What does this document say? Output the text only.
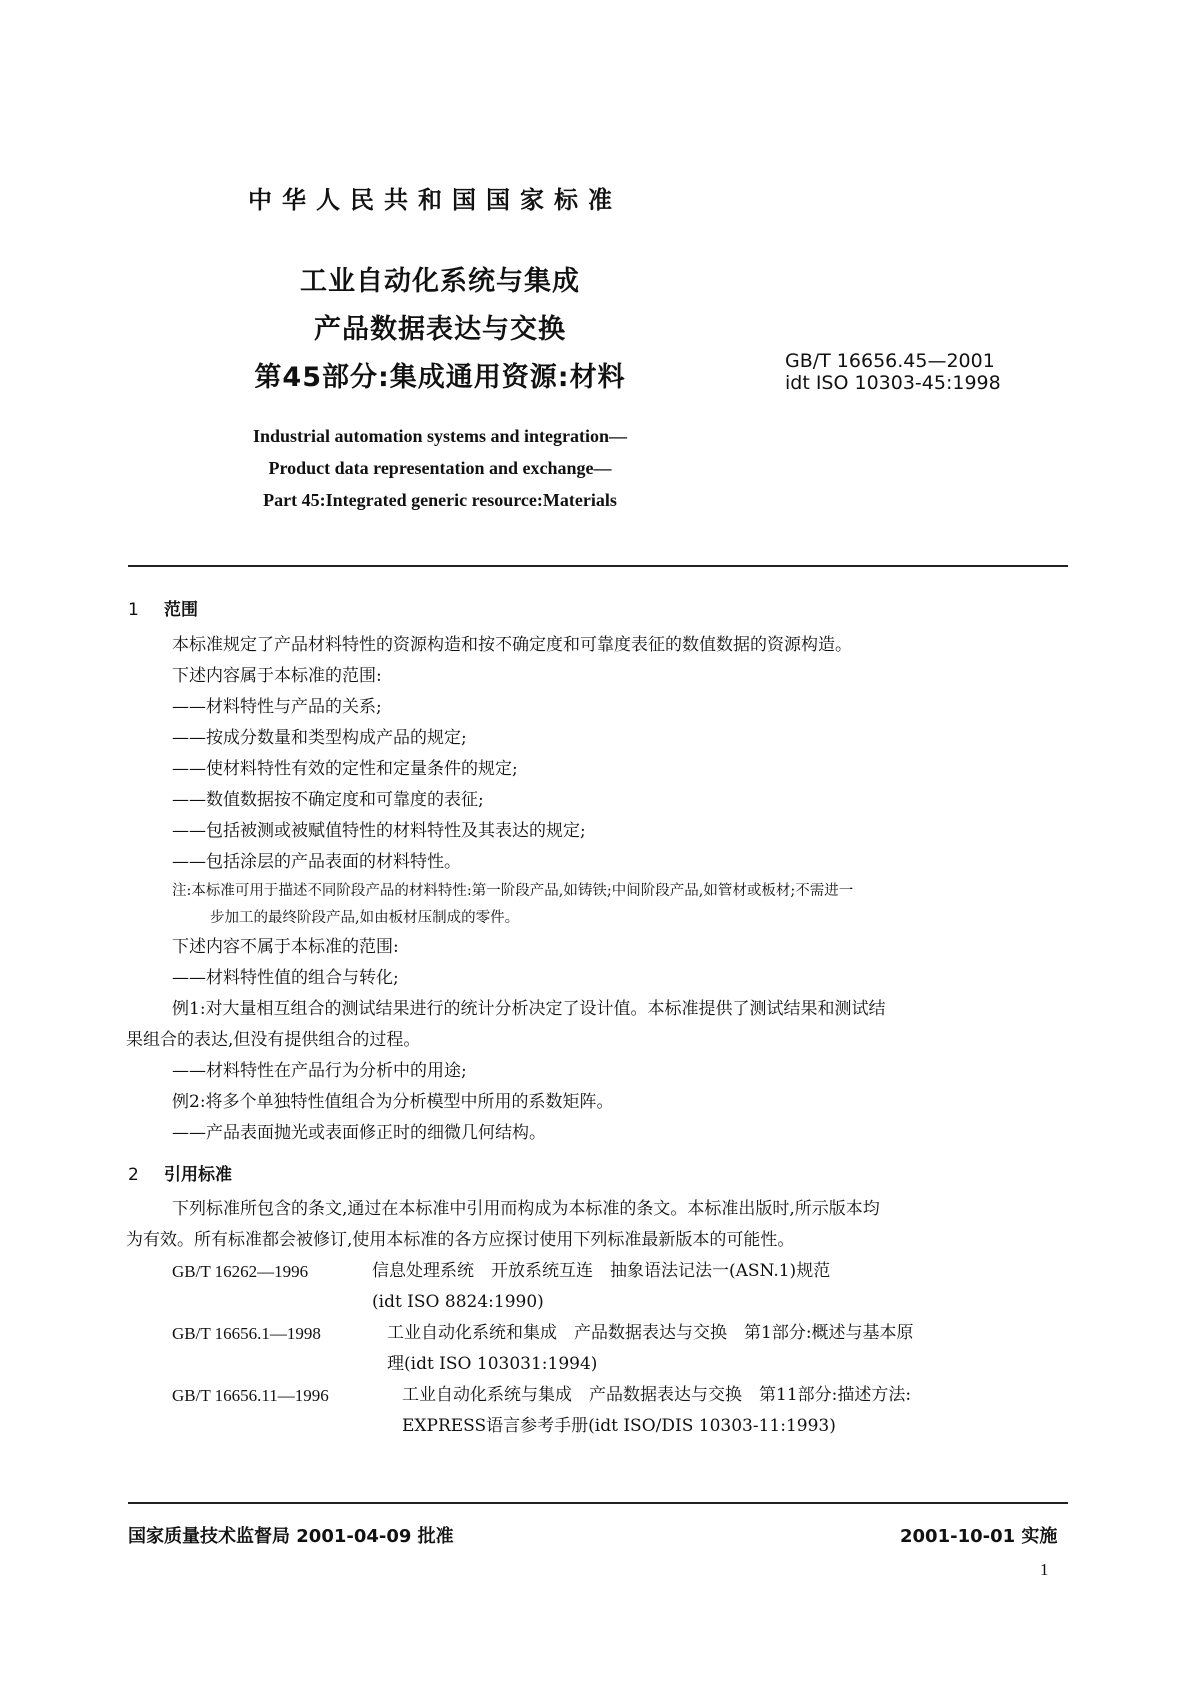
中华人民共和国国家标准
工业自动化系统与集成
产品数据表达与交换
第45部分:集成通用资源:材料
GB/T 16656.45—2001
idt ISO 10303-45:1998
Industrial automation systems and integration—
Product data representation and exchange—
Part 45:Integrated generic resource:Materials
1 范围

本标准规定了产品材料特性的资源构造和按不确定度和可靠度表征的数值数据的资源构造。

下述内容属于本标准的范围:

——材料特性与产品的关系;

——按成分数量和类型构成产品的规定;

——使材料特性有效的定性和定量条件的规定;

——数值数据按不确定度和可靠度的表征;

——包括被测或被赋值特性的材料特性及其表达的规定;

——包括涂层的产品表面的材料特性。

注:本标准可用于描述不同阶段产品的材料特性:第一阶段产品,如铸铁;中间阶段产品,如管材或板材;不需进一

步加工的最终阶段产品,如由板材压制成的零件。

下述内容不属于本标准的范围:

——材料特性值的组合与转化;

例1:对大量相互组合的测试结果进行的统计分析决定了设计值。本标准提供了测试结果和测试结

果组合的表达,但没有提供组合的过程。

——材料特性在产品行为分析中的用途;

例2:将多个单独特性值组合为分析模型中所用的系数矩阵。

——产品表面抛光或表面修正时的细微几何结构。

2 引用标准

下列标准所包含的条文,通过在本标准中引用而构成为本标准的条文。本标准出版时,所示版本均

为有效。所有标准都会被修订,使用本标准的各方应探讨使用下列标准最新版本的可能性。

GB/T 16262—1996	信息处理系统　开放系统互连　抽象语法记法一(ASN.1)规范
(idt ISO 8824:1990)
GB/T 16656.1—1998	工业自动化系统和集成　产品数据表达与交换　第1部分:概述与基本原
理(idt ISO 103031:1994)
GB/T 16656.11—1996	工业自动化系统与集成　产品数据表达与交换　第11部分:描述方法:
EXPRESS语言参考手册(idt ISO/DIS 10303-11:1993)
国家质量技术监督局 2001-04-09 批准	2001-10-01 实施
1
